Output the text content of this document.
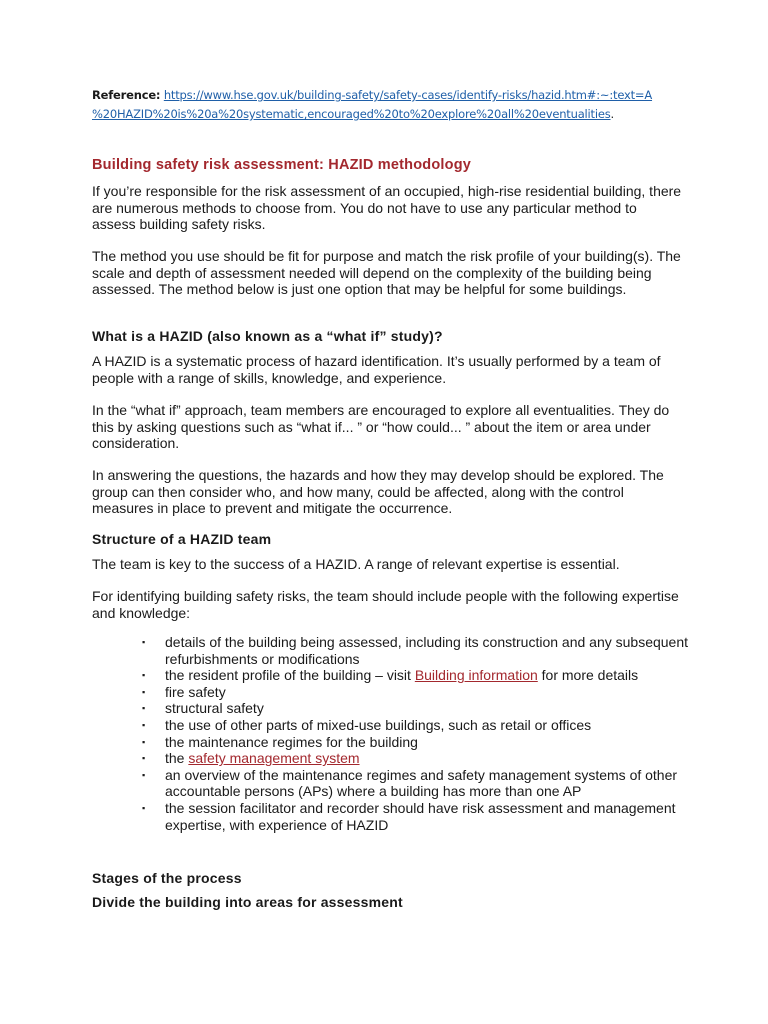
Reference: https://www.hse.gov.uk/building-safety/safety-cases/identify-risks/hazid.htm#:~:text=A
%20HAZID%20is%20a%20systematic,encouraged%20to%20explore%20all%20eventualities.
Building safety risk assessment: HAZID methodology

If you’re responsible for the risk assessment of an occupied, high-rise residential building, there are numerous methods to choose from. You do not have to use any particular method to assess building safety risks.

The method you use should be fit for purpose and match the risk profile of your building(s). The scale and depth of assessment needed will depend on the complexity of the building being assessed. The method below is just one option that may be helpful for some buildings.

What is a HAZID (also known as a “what if” study)?

A HAZID is a systematic process of hazard identification. It’s usually performed by a team of people with a range of skills, knowledge, and experience.

In the “what if” approach, team members are encouraged to explore all eventualities. They do this by asking questions such as “what if... ” or “how could... ” about the item or area under consideration.

In answering the questions, the hazards and how they may develop should be explored. The group can then consider who, and how many, could be affected, along with the control measures in place to prevent and mitigate the occurrence.

Structure of a HAZID team

The team is key to the success of a HAZID. A range of relevant expertise is essential.

For identifying building safety risks, the team should include people with the following expertise and knowledge:

▪ details of the building being assessed, including its construction and any subsequent refurbishments or modifications
▪ the resident profile of the building – visit Building information for more details
▪ fire safety
▪ structural safety
▪ the use of other parts of mixed-use buildings, such as retail or offices
▪ the maintenance regimes for the building
▪ the safety management system
▪ an overview of the maintenance regimes and safety management systems of other accountable persons (APs) where a building has more than one AP
▪ the session facilitator and recorder should have risk assessment and management expertise, with experience of HAZID
Stages of the process
Divide the building into areas for assessment
